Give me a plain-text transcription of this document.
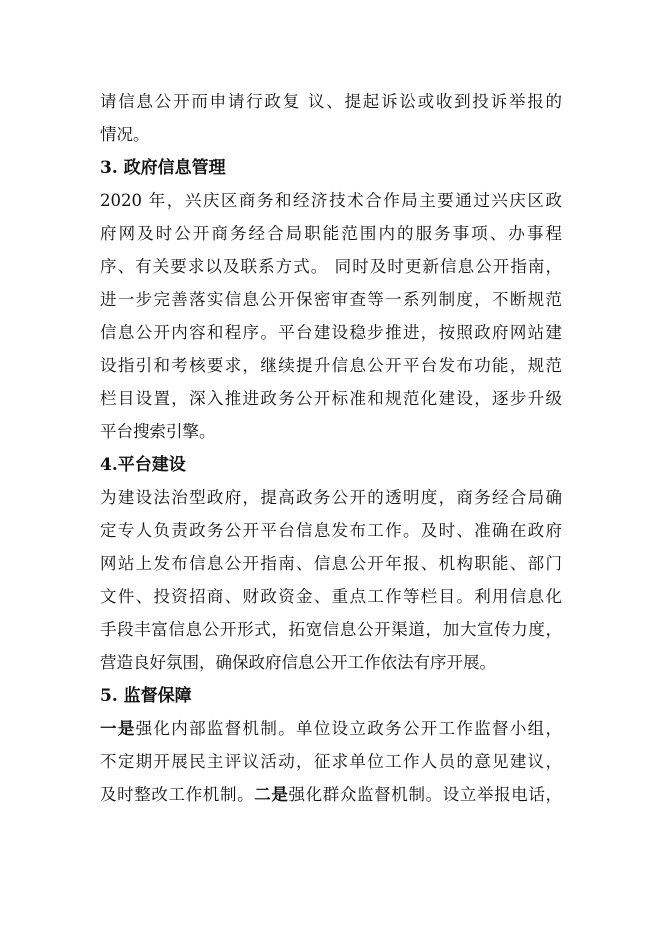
请信息公开而申请行政复 议、提起诉讼或收到投诉举报的
情况。
3. 政府信息管理
2020 年，兴庆区商务和经济技术合作局主要通过兴庆区政
府网及时公开商务经合局职能范围内的服务事项、办事程
序、有关要求以及联系方式。 同时及时更新信息公开指南，
进一步完善落实信息公开保密审查等一系列制度，不断规范
信息公开内容和程序。平台建设稳步推进，按照政府网站建
设指引和考核要求，继续提升信息公开平台发布功能，规范
栏目设置，深入推进政务公开标准和规范化建设，逐步升级
平台搜索引擎。
4.平台建设
为建设法治型政府，提高政务公开的透明度，商务经合局确
定专人负责政务公开平台信息发布工作。及时、准确在政府
网站上发布信息公开指南、信息公开年报、机构职能、部门
文件、投资招商、财政资金、重点工作等栏目。利用信息化
手段丰富信息公开形式，拓宽信息公开渠道，加大宣传力度，
营造良好氛围，确保政府信息公开工作依法有序开展。
5. 监督保障
一是强化内部监督机制。单位设立政务公开工作监督小组，
不定期开展民主评议活动，征求单位工作人员的意见建议，
及时整改工作机制。二是强化群众监督机制。设立举报电话，
